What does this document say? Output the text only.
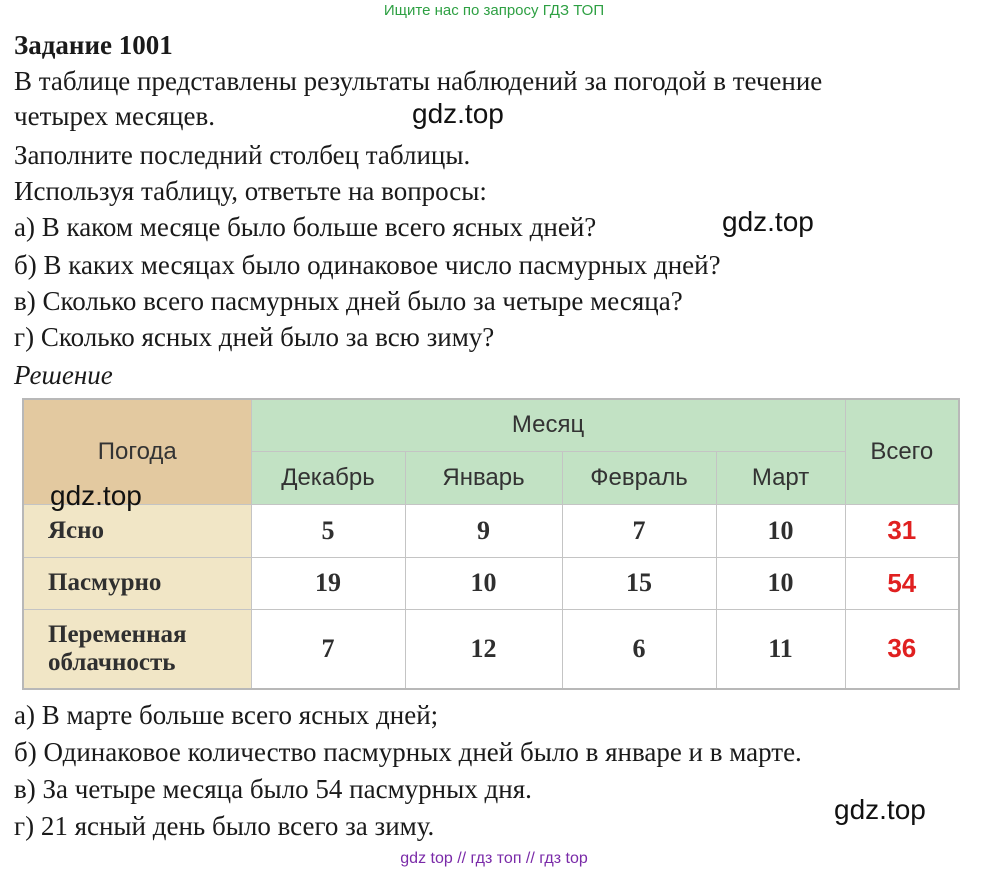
Ищите нас по запросу ГДЗ ТОП
Задание 1001
В таблице представлены результаты наблюдений за погодой в течение
четырех месяцев.
Заполните последний столбец таблицы.
Используя таблицу, ответьте на вопросы:
а) В каком месяце было больше всего ясных дней?
б) В каких месяцах было одинаковое число пасмурных дней?
в) Сколько всего пасмурных дней было за четыре месяца?
г) Сколько ясных дней было за всю зиму?
Решение
Погода	Месяц				Всего
	Декабрь	Январь	Февраль	Март	
Ясно	5	9	7	10	31
Пасмурно	19	10	15	10	54
Переменная
облачность	7	12	6	11	36
а) В марте больше всего ясных дней;
б) Одинаковое количество пасмурных дней было в январе и в марте.
в) За четыре месяца было 54 пасмурных дня.
г) 21 ясный день было всего за зиму.
gdz.top
gdz.top
gdz.top
gdz.top
gdz top // гдз топ // гдз top
